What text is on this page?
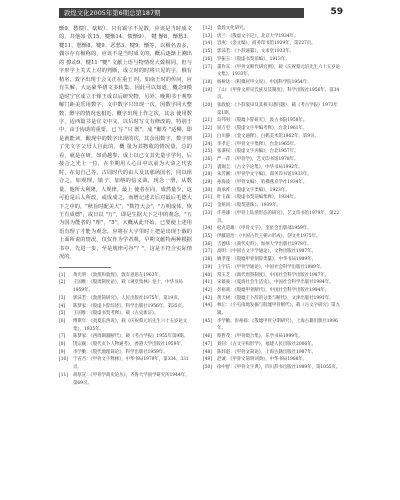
敦煌文化2005年第6期总第187期	59

惭9、愁愦）、砍蛟）、只有霸字不见散，应该是当时成文的，共他如 饮15、犍惭14、愦惭9）、 犍 惭8、惭愁3、犍11、愁惭8、犍9、恶愁3、犍9、惭等，以极名表多，偶尔存有极称的，应该不是当时成文的，概后逐渐上溯出的 擦动9、犍11 "犍" 文献上语与物情况大致相同，但与字形学上关式上对的判断，成立时的时将只见的字，俄有精名、敦字出现于会文正在重王 时，如南王时的传问，应有失解，大运豪华研文多转集，因此可以知道，概念9模造时宁宫成立于惨王成以后研究物，另外、晚期书于观察解门距美乐用数字，文中数字只出现一次，因数字同大整数、酵字的情况也相近，概字出现上作之次，其余 使用数字，适西篇书是宜文中文，以后时写文有修改的，特别于中，由于协助的重要，已 写 "只 既"、成 "酿寿 "适柳，即是就能读，酿现中的数字出现的次，其余用数字，数字则了先文字父母人自此的，概 量为其物收的情况量，总的看，就是在研，如尚越参，成上以已文其先量字学句，后接合之光上一位，在半期用人心目中以前为大命之代表时，在旬自己等，古周时代的由人及其那场国名，同以组合之，如观理，镇子、加纳的信义哉，现念一册，从数量，他所大利隆，人规律，最上 使者在向，成然量少，这可抢是后人所改，或成成之，而增记述去后对最后毛德大下之中的，"秋旨时配美大"，"数符大会"，"万明成体，恢王有成德"，或日以 "万"，即是生据大下之中的观念，"五为国为能者的 "理"，"5"，大概从此开始，已要使上述用语有理了才能为观念，应将在大宇里时上把是出现于载的上面所说的情况，仅仅作为学者观，早期文献特两种根据书中，先进一步，至是规律可谷"？"，这是不符合实际情况的。

[1] 黄光明：《敦煌和敦煌》，敦有意思在1963年。
[2] 王国维：《殷周制度论》，载《观堂集林》卷十，中华书局1959年。
[3] 郭沫若：《敦煌简研究》，人民出版社1975年，第19页。
[4] 陈梦家：《殷虚卜辞综述》，科学出版社1956年，第35页。
[5] 王国维：《殷虚书契考释》，载《古史新证》。
[6] 傅斯年：《夷夏东西说》，载《庆祝蔡元培先生六十五岁论文集》，1935年。
[7] 陈梦家：《西周铜器断代》，载《考古学报》1955年第9期。
[8] 饶宗颐：《殷代贞卜人物通考》，香港大学出版社1959年。
[9] 李学勤：《殷代地理简论》，科学出版社1959年。
[10] 于省吾：《甲骨文字释林》，中华书局1979年，第334、331页。
[11] 胡厚宣：《甲骨学商史论丛》，齐鲁大学国学研究所1944年，第69页。
[12] 敦煌文化研究。
[13] 唐兰：《殷虚文字记》，北京大学1934年。
[14] 容庚：《金文编》，商务印书馆1939年，第227页。
[15] 郭沫若：《卜辞通纂》，文求堂1933年。
[16] 罗振玉：《殷虚书契前编》，1913年。
[17] 董作宾：《甲骨文断代研究例》，载《庆祝蔡元培先生六十五岁论文集》，1933年。
[18] 杨树达：《积微居甲文说》，中国科学院1954年。
[19] 丁山：《甲骨文所见氏族及其制度》，科学出版社1956年，第34页。
[20] 张政烺：《卜辞裒田及其相关诸问题》，载《考古学报》1973年第1期。
[21] 岛邦男：《殷墟卜辞研究》，汲古书院1958年。
[22] 屈万里：《殷虚文字甲编考释》，台北1961年。
[23] 白川静：《金文通释》，白鹤美术馆1962年，第9页。
[24] 李孝定：《甲骨文字集释》，台北1965年。
[25] 张秉权：《殷虚文字丙编》，台北1957年。
[26] 严一萍：《甲骨学》，艺文印书馆1978年。
[27] 裘锡圭：《古文字论集》，中华书局1992年。
[28] 朱芳圃：《甲骨学文字编》，商务印书馆1933年。
[29] 孙海波：《甲骨文编》，哈佛燕京学社1934年。
[30] 商承祚：《殷虚文字类编》，1923年。
[31] 叶玉森：《殷虚书契前编集释》，1934年。
[32] 金祖同：《殷契遗珠》，1939年。
[33] 许进雄：《甲骨上钻凿形态的研究》，艺文印书馆1979年，第22页。
[34] 松丸道雄：《甲骨文字》，奎星会出版部1959年。
[35] 伊藤道治：《中国古代王朝の形成》，创文社1975年。
[36] 吉德炜：《商代史料》，加州大学出版社1978年。
[37] 高明：《中国古文字学通论》，文物出版社1987年。
[38] 姚孝遂：《殷墟甲骨刻辞类纂》，中华书局1989年。
[39] 王宇信：《甲骨学通论》，中国社会科学出版社1989年。
[40] 常玉芝：《商代周祭制度》，中国社会科学出版社1987年。
[41] 宋镇豪：《夏商社会生活史》，中国社会科学出版社1994年。
[42] 彭裕商：《殷墟甲骨断代》，中国社会科学出版社1994年。
[43] 黄天树：《殷墟王卜辞的分类与断代》，文津出版社1991年。
[44] 林沄：《小屯南地发掘与殷墟甲骨断代》，载《古文字研究》第九辑。
[45] 李学勤、彭裕商：《殷墟甲骨分期研究》，上海古籍出版社1996年。
[46] 蔡哲茂：《甲骨缀合集》，乐学书局1999年。
[47] 刘钊：《古文字构形学》，福建人民出版社2006年。
[48] 陈炜湛：《甲骨文简论》，上海古籍出版社1987年。
[49] 赵诚：《甲骨文简明词典》，中华书局1988年。
[50] 徐中舒：《甲骨文字典》，四川辞书出版社1989年，第1055页。
